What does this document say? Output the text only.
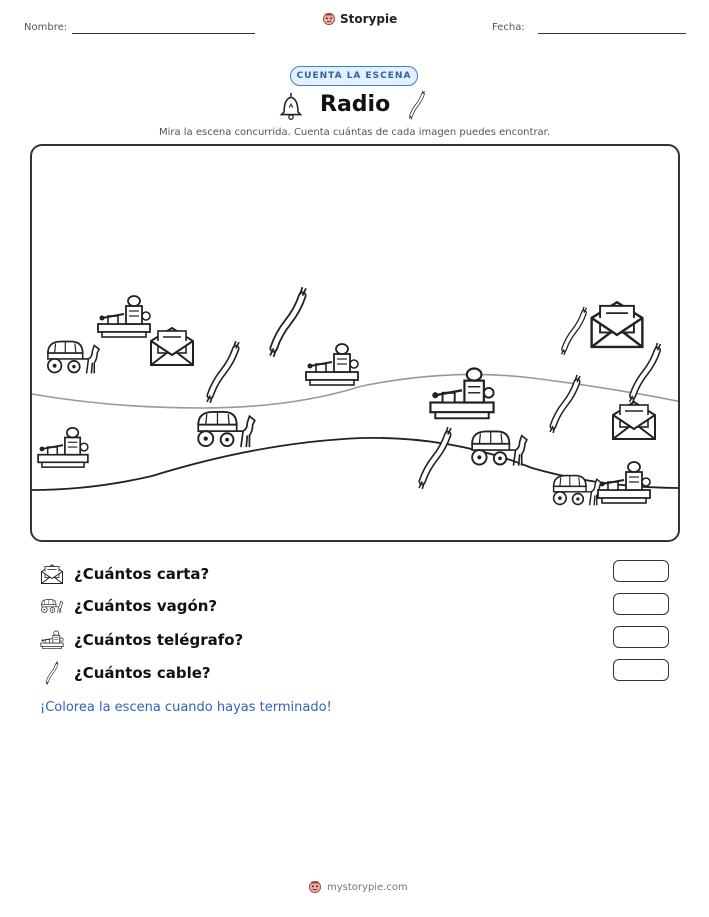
Nombre:
Storypie
Fecha:
CUENTA LA ESCENA
Radio
Mira la escena concurrida. Cuenta cuántas de cada imagen puedes encontrar.
¿Cuántos carta?
¿Cuántos vagón?
¿Cuántos telégrafo?
¿Cuántos cable?
¡Colorea la escena cuando hayas terminado!
mystorypie.com
